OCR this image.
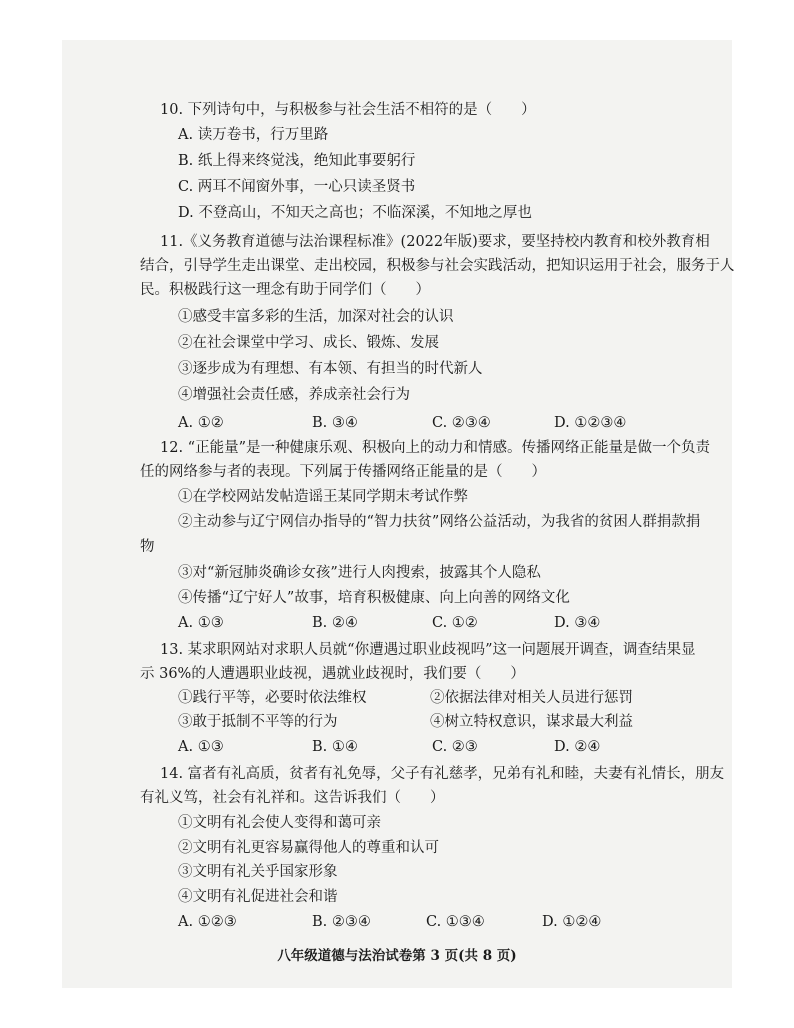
10. 下列诗句中，与积极参与社会生活不相符的是（　　）
A. 读万卷书，行万里路
B. 纸上得来终觉浅，绝知此事要躬行
C. 两耳不闻窗外事，一心只读圣贤书
D. 不登高山，不知天之高也；不临深溪，不知地之厚也
11.《义务教育道德与法治课程标准》(2022年版)要求，要坚持校内教育和校外教育相
结合，引导学生走出课堂、走出校园，积极参与社会实践活动，把知识运用于社会，服务于人
民。积极践行这一理念有助于同学们（　　）
①感受丰富多彩的生活，加深对社会的认识
②在社会课堂中学习、成长、锻炼、发展
③逐步成为有理想、有本领、有担当的时代新人
④增强社会责任感，养成亲社会行为
A. ①②	B. ③④	C. ②③④	D. ①②③④
12. “正能量”是一种健康乐观、积极向上的动力和情感。传播网络正能量是做一个负责
任的网络参与者的表现。下列属于传播网络正能量的是（　　）
①在学校网站发帖造谣王某同学期末考试作弊
②主动参与辽宁网信办指导的“智力扶贫”网络公益活动，为我省的贫困人群捐款捐
物
③对“新冠肺炎确诊女孩”进行人肉搜索，披露其个人隐私
④传播“辽宁好人”故事，培育积极健康、向上向善的网络文化
A. ①③	B. ②④	C. ①②	D. ③④
13. 某求职网站对求职人员就“你遭遇过职业歧视吗”这一问题展开调查，调查结果显
示 36%的人遭遇职业歧视，遇就业歧视时，我们要（　　）
①践行平等，必要时依法维权	②依据法律对相关人员进行惩罚
③敢于抵制不平等的行为	④树立特权意识，谋求最大利益
A. ①③	B. ①④	C. ②③	D. ②④
14. 富者有礼高质，贫者有礼免辱，父子有礼慈孝，兄弟有礼和睦，夫妻有礼情长，朋友
有礼义笃，社会有礼祥和。这告诉我们（　　）
①文明有礼会使人变得和蔼可亲
②文明有礼更容易赢得他人的尊重和认可
③文明有礼关乎国家形象
④文明有礼促进社会和谐
A. ①②③	B. ②③④	C. ①③④	D. ①②④
八年级道德与法治试卷第 3 页(共 8 页)
